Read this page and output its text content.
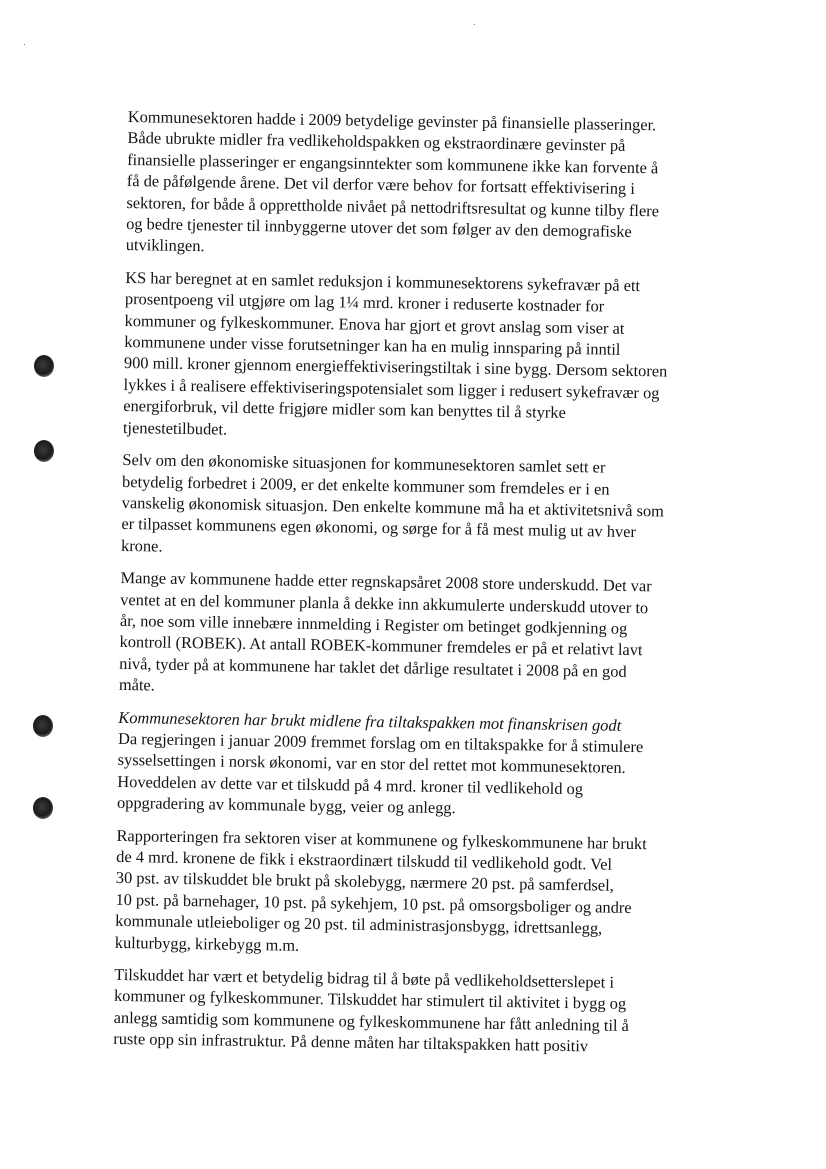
Kommunesektoren hadde i 2009 betydelige gevinster på finansielle plasseringer.
Både ubrukte midler fra vedlikeholdspakken og ekstraordinære gevinster på
finansielle plasseringer er engangsinntekter som kommunene ikke kan forvente å
få de påfølgende årene. Det vil derfor være behov for fortsatt effektivisering i
sektoren, for både å opprettholde nivået på nettodriftsresultat og kunne tilby flere
og bedre tjenester til innbyggerne utover det som følger av den demografiske
utviklingen.

KS har beregnet at en samlet reduksjon i kommunesektorens sykefravær på ett
prosentpoeng vil utgjøre om lag 1¼ mrd. kroner i reduserte kostnader for
kommuner og fylkeskommuner. Enova har gjort et grovt anslag som viser at
kommunene under visse forutsetninger kan ha en mulig innsparing på inntil
900 mill. kroner gjennom energieffektiviseringstiltak i sine bygg. Dersom sektoren
lykkes i å realisere effektiviseringspotensialet som ligger i redusert sykefravær og
energiforbruk, vil dette frigjøre midler som kan benyttes til å styrke
tjenestetilbudet.

Selv om den økonomiske situasjonen for kommunesektoren samlet sett er
betydelig forbedret i 2009, er det enkelte kommuner som fremdeles er i en
vanskelig økonomisk situasjon. Den enkelte kommune må ha et aktivitetsnivå som
er tilpasset kommunens egen økonomi, og sørge for å få mest mulig ut av hver
krone.

Mange av kommunene hadde etter regnskapsåret 2008 store underskudd. Det var
ventet at en del kommuner planla å dekke inn akkumulerte underskudd utover to
år, noe som ville innebære innmelding i Register om betinget godkjenning og
kontroll (ROBEK). At antall ROBEK-kommuner fremdeles er på et relativt lavt
nivå, tyder på at kommunene har taklet det dårlige resultatet i 2008 på en god
måte.

Kommunesektoren har brukt midlene fra tiltakspakken mot finanskrisen godt

Da regjeringen i januar 2009 fremmet forslag om en tiltakspakke for å stimulere
sysselsettingen i norsk økonomi, var en stor del rettet mot kommunesektoren.
Hoveddelen av dette var et tilskudd på 4 mrd. kroner til vedlikehold og
oppgradering av kommunale bygg, veier og anlegg.

Rapporteringen fra sektoren viser at kommunene og fylkeskommunene har brukt
de 4 mrd. kronene de fikk i ekstraordinært tilskudd til vedlikehold godt. Vel
30 pst. av tilskuddet ble brukt på skolebygg, nærmere 20 pst. på samferdsel,
10 pst. på barnehager, 10 pst. på sykehjem, 10 pst. på omsorgsboliger og andre
kommunale utleieboliger og 20 pst. til administrasjonsbygg, idrettsanlegg,
kulturbygg, kirkebygg m.m.

Tilskuddet har vært et betydelig bidrag til å bøte på vedlikeholdsetterslepet i
kommuner og fylkeskommuner. Tilskuddet har stimulert til aktivitet i bygg og
anlegg samtidig som kommunene og fylkeskommunene har fått anledning til å
ruste opp sin infrastruktur. På denne måten har tiltakspakken hatt positiv
